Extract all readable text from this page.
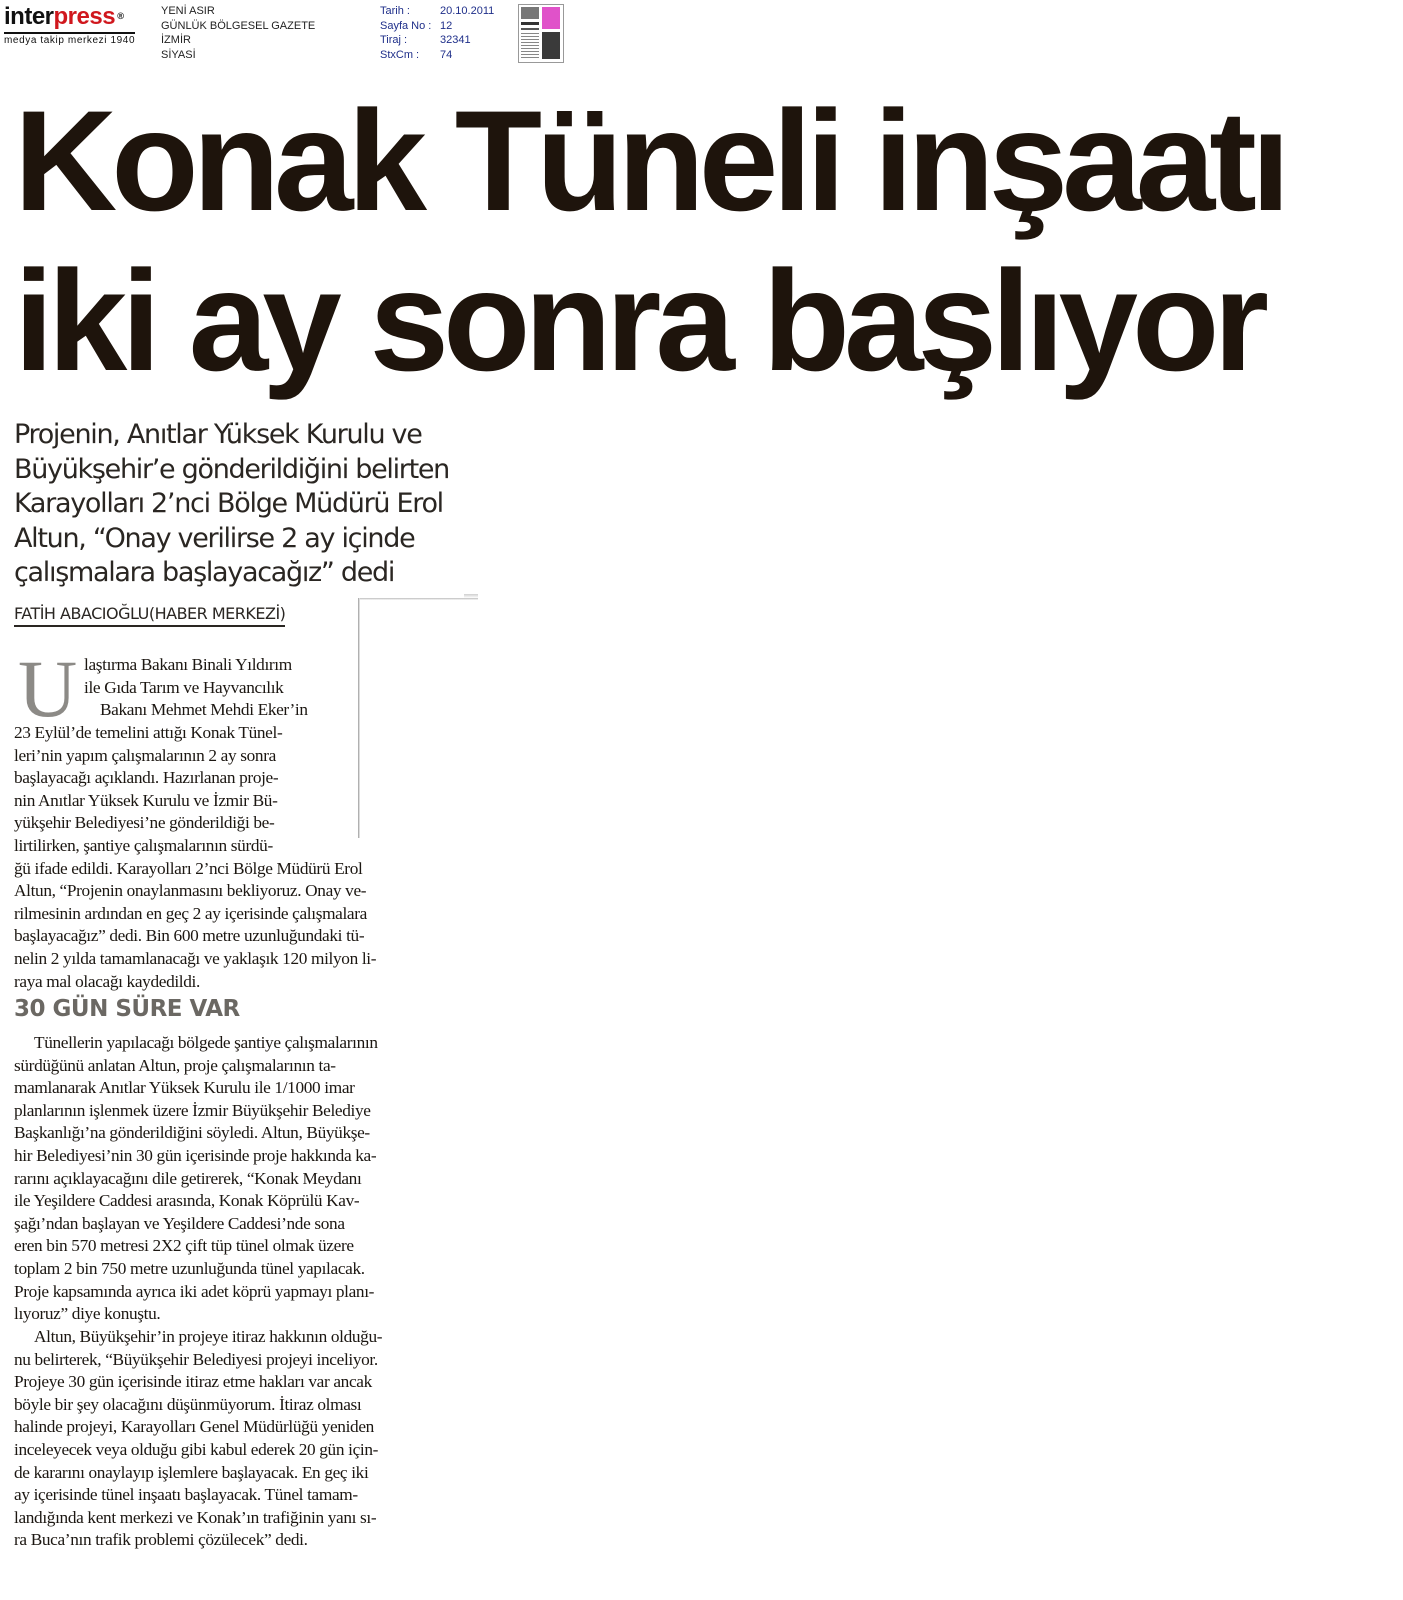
interpress®
medya takip merkezi 1940
YENİ ASIR
GÜNLÜK BÖLGESEL GAZETE
İZMİR
SİYASİ
Tarih :	20.10.2011
Sayfa No : 12
Tiraj :	32341
StxCm : 74
Konak Tüneli inşaatı
iki ay sonra başlıyor
Projenin, Anıtlar Yüksek Kurulu ve
Büyükşehir’e gönderildiğini belirten
Karayolları 2’nci Bölge Müdürü Erol
Altun, “Onay verilirse 2 ay içinde
çalışmalara başlayacağız” dedi
FATİH ABACIOĞLU(HABER MERKEZİ)
U laştırma Bakanı Binali Yıldırım
ile Gıda Tarım ve Hayvancılık
Bakanı Mehmet Mehdi Eker’in
23 Eylül’de temelini attığı Konak Tünel-
leri’nin yapım çalışmalarının 2 ay sonra
başlayacağı açıklandı. Hazırlanan proje-
nin Anıtlar Yüksek Kurulu ve İzmir Bü-
yükşehir Belediyesi’ne gönderildiği be-
lirtilirken, şantiye çalışmalarının sürdü-
ğü ifade edildi. Karayolları 2’nci Bölge Müdürü Erol
Altun, “Projenin onaylanmasını bekliyoruz. Onay ve-
rilmesinin ardından en geç 2 ay içerisinde çalışmalara
başlayacağız” dedi. Bin 600 metre uzunluğundaki tü-
nelin 2 yılda tamamlanacağı ve yaklaşık 120 milyon li-
raya mal olacağı kaydedildi.
30 GÜN SÜRE VAR
Tünellerin yapılacağı bölgede şantiye çalışmalarının
sürdüğünü anlatan Altun, proje çalışmalarının ta-
mamlanarak Anıtlar Yüksek Kurulu ile 1/1000 imar
planlarının işlenmek üzere İzmir Büyükşehir Belediye
Başkanlığı’na gönderildiğini söyledi. Altun, Büyükşe-
hir Belediyesi’nin 30 gün içerisinde proje hakkında ka-
rarını açıklayacağını dile getirerek, “Konak Meydanı
ile Yeşildere Caddesi arasında, Konak Köprülü Kav-
şağı’ndan başlayan ve Yeşildere Caddesi’nde sona
eren bin 570 metresi 2X2 çift tüp tünel olmak üzere
toplam 2 bin 750 metre uzunluğunda tünel yapılacak.
Proje kapsamında ayrıca iki adet köprü yapmayı planı-
lıyoruz” diye konuştu.
Altun, Büyükşehir’in projeye itiraz hakkının olduğu-
nu belirterek, “Büyükşehir Belediyesi projeyi inceliyor.
Projeye 30 gün içerisinde itiraz etme hakları var ancak
böyle bir şey olacağını düşünmüyorum. İtiraz olması
halinde projeyi, Karayolları Genel Müdürlüğü yeniden
inceleyecek veya olduğu gibi kabul ederek 20 gün için-
de kararını onaylayıp işlemlere başlayacak. En geç iki
ay içerisinde tünel inşaatı başlayacak. Tünel tamam-
landığında kent merkezi ve Konak’ın trafiğinin yanı sı-
ra Buca’nın trafik problemi çözülecek” dedi.
